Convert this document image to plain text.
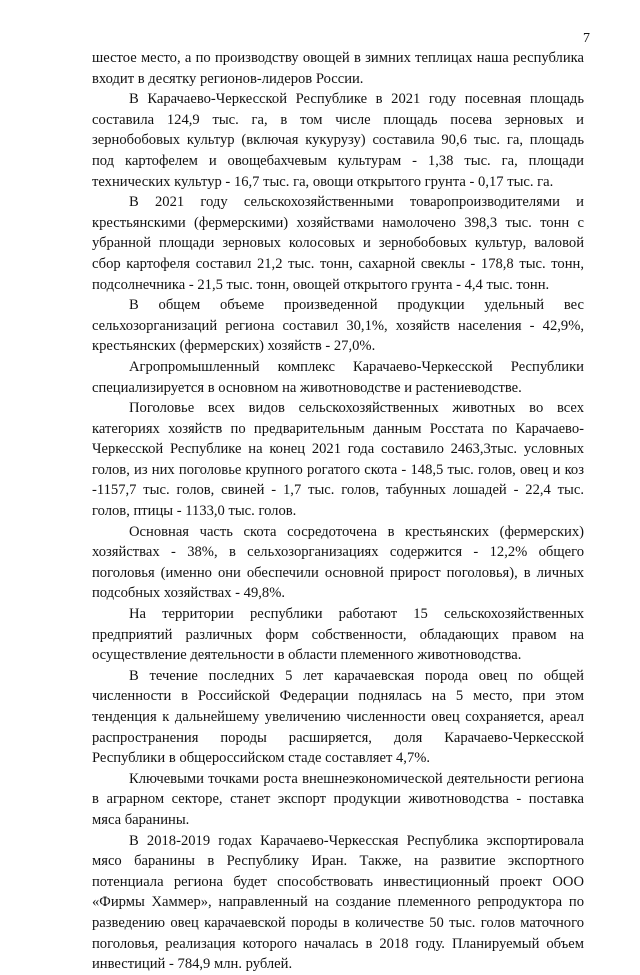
7

шестое место, а по производству овощей в зимних теплицах наша республика входит в десятку регионов-лидеров России.

В Карачаево-Черкесской Республике в 2021 году посевная площадь составила 124,9 тыс. га, в том числе площадь посева зерновых и зернобобовых культур (включая кукурузу) составила 90,6 тыс. га, площадь под картофелем и овощебахчевым культурам - 1,38 тыс. га, площади технических культур - 16,7 тыс. га, овощи открытого грунта - 0,17 тыс. га.

В 2021 году сельскохозяйственными товаропроизводителями и крестьянскими (фермерскими) хозяйствами намолочено 398,3 тыс. тонн с убранной площади зерновых колосовых и зернобобовых культур, валовой сбор картофеля составил 21,2 тыс. тонн, сахарной свеклы - 178,8 тыс. тонн, подсолнечника - 21,5 тыс. тонн, овощей открытого грунта - 4,4 тыс. тонн.

В общем объеме произведенной продукции удельный вес сельхозорганизаций региона составил 30,1%, хозяйств населения - 42,9%, крестьянских (фермерских) хозяйств - 27,0%.

Агропромышленный комплекс Карачаево-Черкесской Республики специализируется в основном на животноводстве и растениеводстве.

Поголовье всех видов сельскохозяйственных животных во всех категориях хозяйств по предварительным данным Росстата по Карачаево-Черкесской Республике на конец 2021 года составило 2463,3тыс. условных голов, из них поголовье крупного рогатого скота - 148,5 тыс. голов, овец и коз -1157,7 тыс. голов, свиней - 1,7 тыс. голов, табунных лошадей - 22,4 тыс. голов, птицы - 1133,0 тыс. голов.

Основная часть скота сосредоточена в крестьянских (фермерских) хозяйствах - 38%, в сельхозорганизациях содержится - 12,2% общего поголовья (именно они обеспечили основной прирост поголовья), в личных подсобных хозяйствах - 49,8%.

На территории республики работают 15 сельскохозяйственных предприятий различных форм собственности, обладающих правом на осуществление деятельности в области племенного животноводства.

В течение последних 5 лет карачаевская порода овец по общей численности в Российской Федерации поднялась на 5 место, при этом тенденция к дальнейшему увеличению численности овец сохраняется, ареал распространения породы расширяется, доля Карачаево-Черкесской Республики в общероссийском стаде составляет 4,7%.

Ключевыми точками роста внешнеэкономической деятельности региона в аграрном секторе, станет экспорт продукции животноводства - поставка мяса баранины.

В 2018-2019 годах Карачаево-Черкесская Республика экспортировала мясо баранины в Республику Иран. Также, на развитие экспортного потенциала региона будет способствовать инвестиционный проект ООО «Фирмы Хаммер», направленный на создание племенного репродуктора по разведению овец карачаевской породы в количестве 50 тыс. голов маточного поголовья, реализация которого началась в 2018 году. Планируемый объем инвестиций - 784,9 млн. рублей.
